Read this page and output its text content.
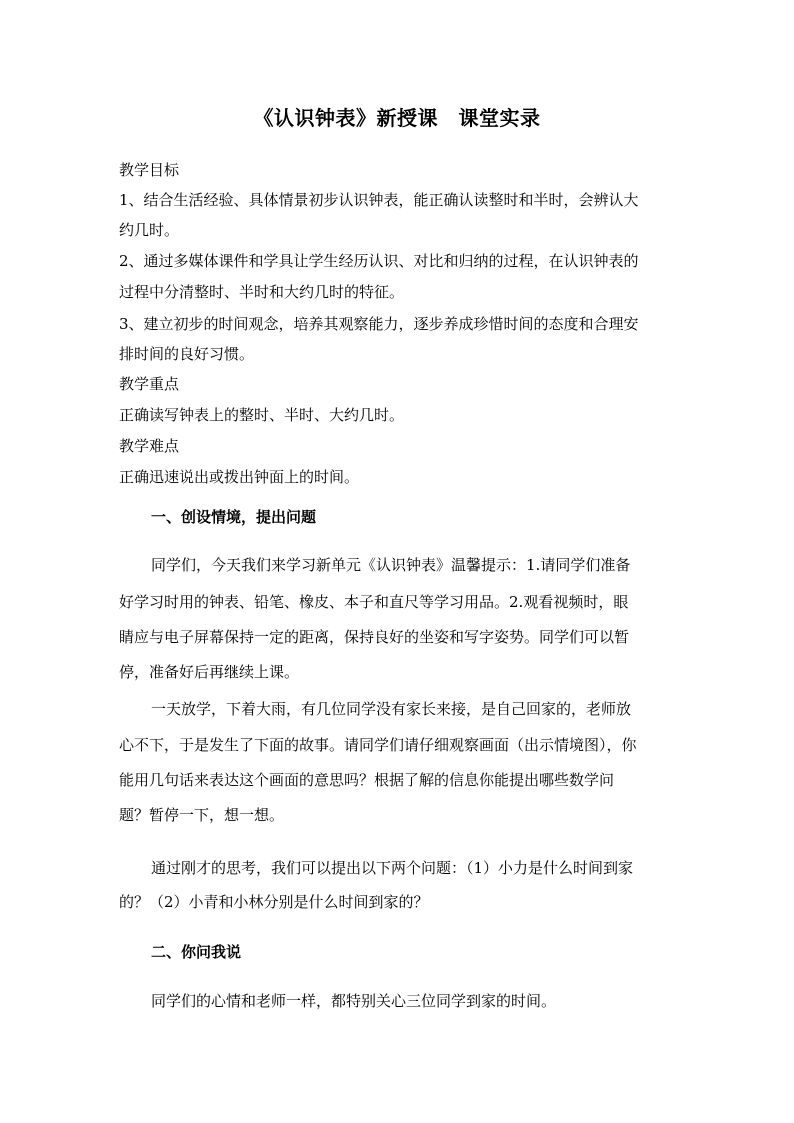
《认识钟表》新授课　课堂实录
教学目标
1、结合生活经验、具体情景初步认识钟表，能正确认读整时和半时，会辨认大
约几时。
2、通过多媒体课件和学具让学生经历认识、对比和归纳的过程，在认识钟表的
过程中分清整时、半时和大约几时的特征。
3、建立初步的时间观念，培养其观察能力，逐步养成珍惜时间的态度和合理安
排时间的良好习惯。
教学重点
正确读写钟表上的整时、半时、大约几时。
教学难点
正确迅速说出或拨出钟面上的时间。
一、创设情境，提出问题
同学们，今天我们来学习新单元《认识钟表》温馨提示：1.请同学们准备
好学习时用的钟表、铅笔、橡皮、本子和直尺等学习用品。2.观看视频时，眼
睛应与电子屏幕保持一定的距离，保持良好的坐姿和写字姿势。同学们可以暂
停，准备好后再继续上课。
一天放学，下着大雨，有几位同学没有家长来接，是自己回家的，老师放
心不下，于是发生了下面的故事。请同学们请仔细观察画面（出示情境图），你
能用几句话来表达这个画面的意思吗？根据了解的信息你能提出哪些数学问
题？暂停一下，想一想。
通过刚才的思考，我们可以提出以下两个问题：（1）小力是什么时间到家
的？（2）小青和小林分别是什么时间到家的？
二、你问我说
同学们的心情和老师一样，都特别关心三位同学到家的时间。
